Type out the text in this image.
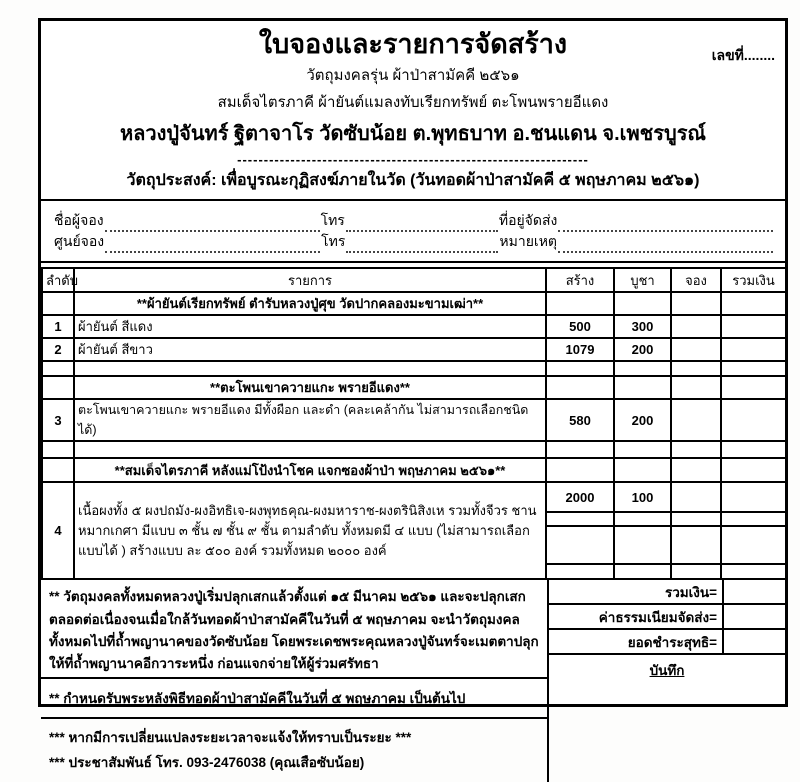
เลขที่........
ใบจองและรายการจัดสร้าง
วัตถุมงคลรุ่น ผ้าป่าสามัคคี ๒๕๖๑
สมเด็จไตรภาคี ผ้ายันต์แมลงทับเรียกทรัพย์ ตะโพนพรายอีแดง
หลวงปู่จันทร์ ฐิตาจาโร วัดซับน้อย ต.พุทธบาท อ.ชนแดน จ.เพชรบูรณ์
------------------------------------------------------------------
วัตถุประสงค์: เพื่อบูรณะกุฏิสงฆ์ภายในวัด (วันทอดผ้าป่าสามัคคี ๕ พฤษภาคม ๒๕๖๑)
ชื่อผู้จอง	โทร	ที่อยู่จัดส่ง
ศูนย์จอง	โทร	หมายเหตุ
ลำดับ	รายการ	สร้าง	บูชา	จอง	รวมเงิน
	**ผ้ายันต์เรียกทรัพย์ ตำรับหลวงปู่ศุข วัดปากคลองมะขามเฒ่า**				
1	ผ้ายันต์ สีแดง	500	300		
2	ผ้ายันต์ สีขาว	1079	200		

	**ตะโพนเขาควายแกะ พรายอีแดง**				
3	ตะโพนเขาควายแกะ พรายอีแดง มีทั้งผือก และดำ (คละเคล้ากัน ไม่สามารถเลือกชนิดได้)	580	200		

	**สมเด็จไตรภาคี หลังแม่โป้งนำโชค แจกซองผ้าป่า พฤษภาคม ๒๕๖๑**				
4	เนื้อผงทั้ง ๕ ผงปถมัง-ผงอิทธิเจ-ผงพุทธคุณ-ผงมหาราช-ผงตรินิสิงเห รวมทั้งจีวร ชานหมากเกศา มีแบบ ๓ ชั้น ๗ ชั้น ๙ ชั้น ตามลำดับ ทั้งหมดมี ๔ แบบ (ไม่สามารถเลือกแบบได้ ) สร้างแบบ ละ ๕๐๐ องค์ รวมทั้งหมด ๒๐๐๐ องค์	2000	100		

** วัตถุมงคลทั้งหมดหลวงปู่เริ่มปลุกเสกแล้วตั้งแต่ ๑๕ มีนาคม ๒๕๖๑ และจะปลุกเสกตลอดต่อเนื่องจนเมื่อใกล้วันทอดผ้าป่าสามัคคีในวันที่ ๕ พฤษภาคม จะนำวัตถุมงคลทั้งหมดไปที่ถ้ำพญานาคของวัดซับน้อย โดยพระเดชพระคุณหลวงปู่จันทร์จะเมตตาปลุกให้ที่ถ้ำพญานาคอีกวาระหนึ่ง ก่อนแจกจ่ายให้ผู้ร่วมศรัทธา
** กำหนดรับพระหลังพิธีทอดผ้าป่าสามัคคีในวันที่ ๕ พฤษภาคม เป็นต้นไป
*** หากมีการเปลี่ยนแปลงระยะเวลาจะแจ้งให้ทราบเป็นระยะ ***
*** ประชาสัมพันธ์ โทร. 093-2476038 (คุณเสือซับน้อย)
รวมเงิน=
ค่าธรรมเนียมจัดส่ง=
ยอดชำระสุทธิ=
บันทึก
